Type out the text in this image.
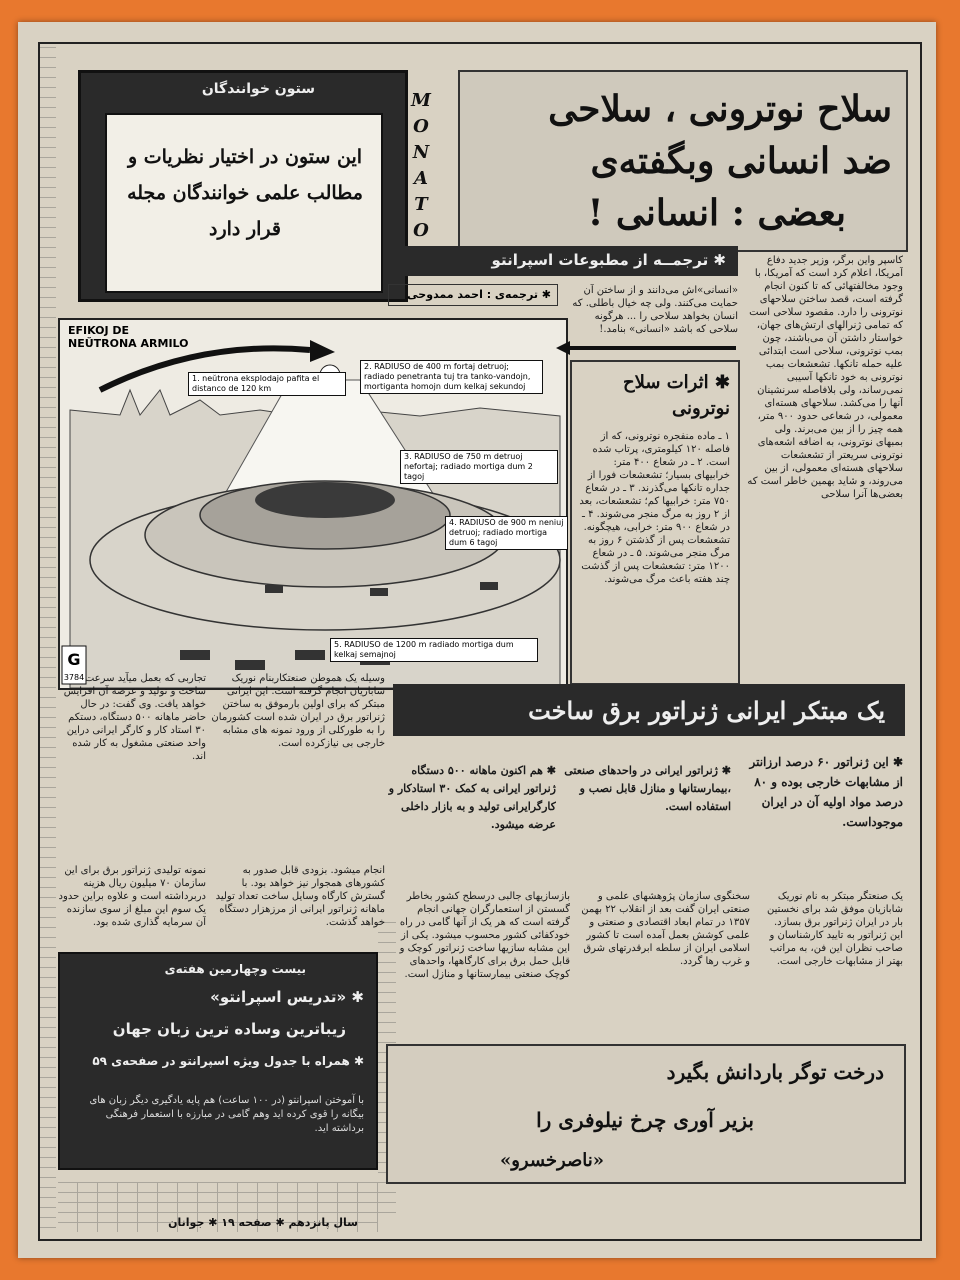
ستون خوانندگان
این ستون در اختیار نظریات و مطالب علمی خوانندگان مجله قرار دارد
M
O
N
A
T
O
سلاح نوترونی ، سلاحی
ضد انسانی وبگفته‌ی
بعضی : انسانی !
✱ ترجمــه از مطبوعات اسپرانتو
✱ ترجمه‌ی : احمد ممدوحی	«انسانی»اش می‌دانند و از ساختن آن حمایت می‌کنند. ولی چه خیال باطلی. که انسان بخواهد سلاحی را ... هرگونه سلاحی که باشد «انسانی» بنامد.!
کاسپر واین برگر، وزیر جدید دفاع آمریکا، اعلام کرد است که آمریکا، با وجود مخالفتهائی که تا کنون انجام گرفته است، قصد ساختن سلاحهای نوترونی را دارد. مقصود سلاحی است که تمامی ژنرالهای ارتش‌های جهان، خواستار داشتن آن می‌باشند، چون بمب نوترونی، سلاحی است ابتدائی علیه حمله تانکها. تشعشعات بمب نوترونی به خود تانکها آسیبی نمی‌رساند، ولی بلافاصله سرنشینان آنها را می‌کشد. سلاحهای هسته‌ای معمولی، در شعاعی حدود ۹۰۰ متر، همه چیز را از بین می‌برند. ولی بمبهای نوترونی، به اضافه اشعه‌های نوترونی سریعتر از تشعشعات سلاحهای هسته‌ای معمولی، از بین می‌روند، و شاید بهمین خاطر است که بعضی‌ها آنرا سلاحی
G
3784
EFIKOJ DE NEŬTRONA ARMILO
1. neŭtrona eksplodajo pafita el distanco de 120 km
2. RADIUSO de 400 m fortaj detruoj; radiado penetranta tuj tra tanko-vandojn, mortiganta homojn dum kelkaj sekundoj
3. RADIUSO de 750 m detruoj nefortaj; radiado mortiga dum 2 tagoj
4. RADIUSO de 900 m neniuj detruoj; radiado mortiga dum 6 tagoj
5. RADIUSO de 1200 m radiado mortiga dum kelkaj semajnoj
✱ اثرات سلاح نوترونی
۱ ـ ماده منفجره نوترونی، که از فاصله ۱۲۰ کیلومتری، پرتاب شده است. ۲ ـ در شعاع ۴۰۰ متر: خرابیهای بسیار؛ تشعشعات فورا از جداره تانکها می‌گذرند. ۳ ـ در شعاع ۷۵۰ متر: خرابیها کم؛ تشعشعات، بعد از ۲ روز به مرگ منجر می‌شوند. ۴ ـ در شعاع ۹۰۰ متر: خرابی، هیچگونه. تشعشعات پس از گذشتن ۶ روز به مرگ منجر می‌شوند. ۵ ـ در شعاع ۱۲۰۰ متر: تشعشعات پس از گذشت چند هفته باعث مرگ می‌شوند.
یک مبتکر ایرانی ژنراتور برق ساخت
وسیله یک هموطن صنعتکاربنام نوریک شابازیان انجام گرفته است. این ایرانی مبتکر که برای اولین بارموفق به ساختن ژنراتور برق در ایران شده است کشورمان را به طورکلی از ورود نمونه های مشابه خارجی بی نیازکرده است.
تجاربی که بعمل میآید سرعت ساخت و تولید و عرضه آن افزایش خواهد یافت. وی گفت: در حال حاضر ماهانه ۵۰۰ دستگاه، دستکم ۳۰ استاد کار و کارگر ایرانی دراین واحد صنعتی مشغول به کار شده اند.	✱ این ژنراتور ۶۰ درصد ارزانتر از مشابهات خارجی بوده و ۸۰ درصد مواد اولیه آن در ایران موجوداست.
✱ ژنراتور ایرانی در واحدهای صنعتی ،بیمارستانها و منازل قابل نصب و استفاده است.
✱ هم اکنون ماهانه ۵۰۰ دستگاه ژنراتور ایرانی به کمک ۳۰ استادکار و کارگرایرانی تولید و به بازار داخلی عرضه میشود.
یک صنعتگر مبتکر به نام نوریک شابازیان موفق شد برای نخستین بار در ایران ژنراتور برق بسازد. این ژنراتور به تایید کارشناسان و صاحب نظران این فن، به مراتب بهتر از مشابهات خارجی است.
سخنگوی سازمان پژوهشهای علمی و صنعتی ایران گفت بعد از انقلاب ۲۲ بهمن ۱۳۵۷ در تمام ابعاد اقتصادی و صنعتی و علمی کوشش بعمل آمده است تا کشور اسلامی ایران از سلطه ابرقدرتهای شرق و غرب رها گردد.
بازسازیهای جالبی درسطح کشور بخاطر گسستن از استعمارگران جهانی انجام گرفته است که هر یک از آنها گامی در راه خودکفائی کشور محسوب میشود. یکی از این مشابه سازیها ساخت ژنراتور کوچک و قابل حمل برق برای کارگاهها، واحدهای کوچک صنعتی بیمارستانها و منازل است.
انجام میشود. بزودی قابل صدور به کشورهای همجوار نیز خواهد بود. با گسترش کارگاه وسایل ساخت تعداد تولید ماهانه ژنراتور ایرانی از مرزهزار دستگاه خواهد گذشت.
نمونه تولیدی ژنراتور برق برای این سازمان ۷۰ میلیون ریال هزینه دربرداشته است و علاوه براین حدود یک سوم این مبلغ از سوی سازنده آن سرمایه گذاری شده بود.
بیست وچهارمین هفته‌ی
✱ «تدریس اسپرانتو»
زیباترین وساده ترین زبان جهان
✱ همراه با جدول ویژه اسپرانتو در صفحه‌ی ۵۹
با آموختن اسپرانتو (در ۱۰۰ ساعت) هم پایه یادگیری دیگر زبان های بیگانه را قوی کرده اید وهم گامی در مبارزه با استعمار فرهنگی برداشته اید.
درخت توگر باردانش بگیرد
بزیر آوری چرخ نیلوفری را
«ناصرخسرو»
سال پانزدهم ✱ صفحه ۱۹ ✱ جوانان
